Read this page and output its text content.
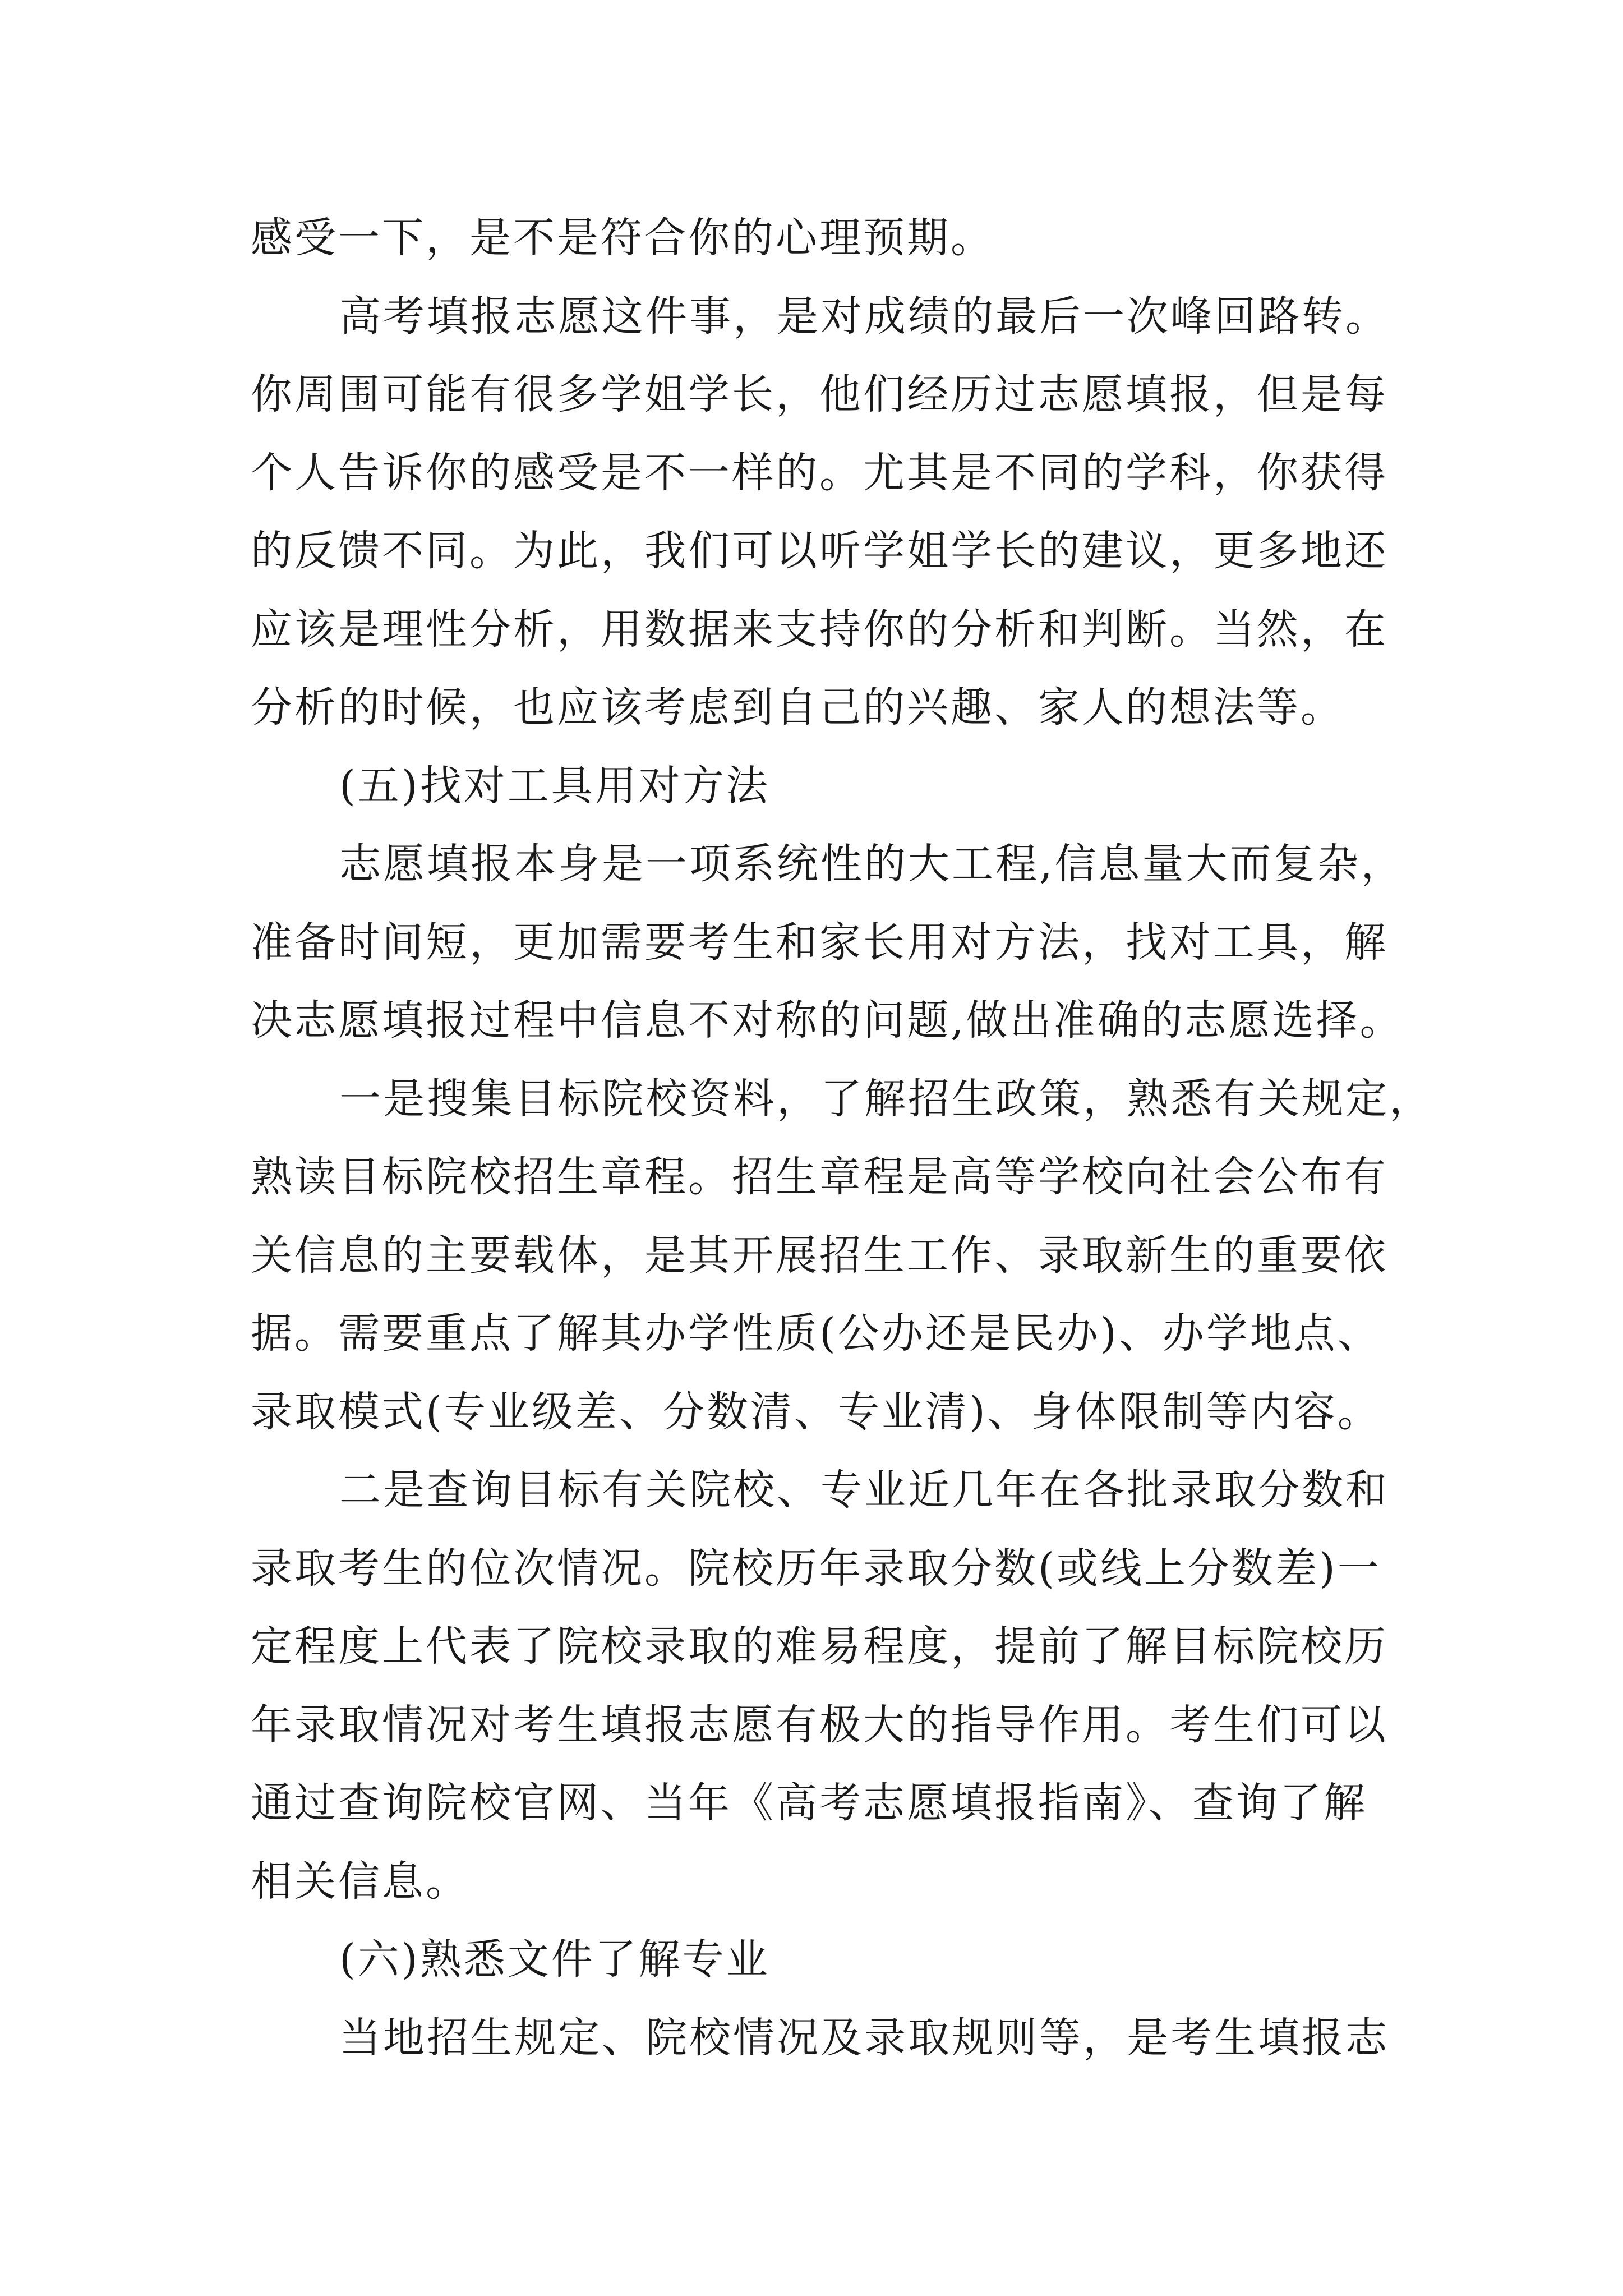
感受一下，是不是符合你的心理预期。
高考填报志愿这件事，是对成绩的最后一次峰回路转。
你周围可能有很多学姐学长，他们经历过志愿填报，但是每
个人告诉你的感受是不一样的。尤其是不同的学科，你获得
的反馈不同。为此，我们可以听学姐学长的建议，更多地还
应该是理性分析，用数据来支持你的分析和判断。当然，在
分析的时候，也应该考虑到自己的兴趣、家人的想法等。
(五)找对工具用对方法
志愿填报本身是一项系统性的大工程,信息量大而复杂，
准备时间短，更加需要考生和家长用对方法，找对工具，解
决志愿填报过程中信息不对称的问题,做出准确的志愿选择。
一是搜集目标院校资料，了解招生政策，熟悉有关规定，
熟读目标院校招生章程。招生章程是高等学校向社会公布有
关信息的主要载体，是其开展招生工作、录取新生的重要依
据。需要重点了解其办学性质(公办还是民办)、办学地点、
录取模式(专业级差、分数清、专业清)、身体限制等内容。
二是查询目标有关院校、专业近几年在各批录取分数和
录取考生的位次情况。院校历年录取分数(或线上分数差)一
定程度上代表了院校录取的难易程度，提前了解目标院校历
年录取情况对考生填报志愿有极大的指导作用。考生们可以
通过查询院校官网、当年《高考志愿填报指南》、查询了解
相关信息。
(六)熟悉文件了解专业
当地招生规定、院校情况及录取规则等，是考生填报志
